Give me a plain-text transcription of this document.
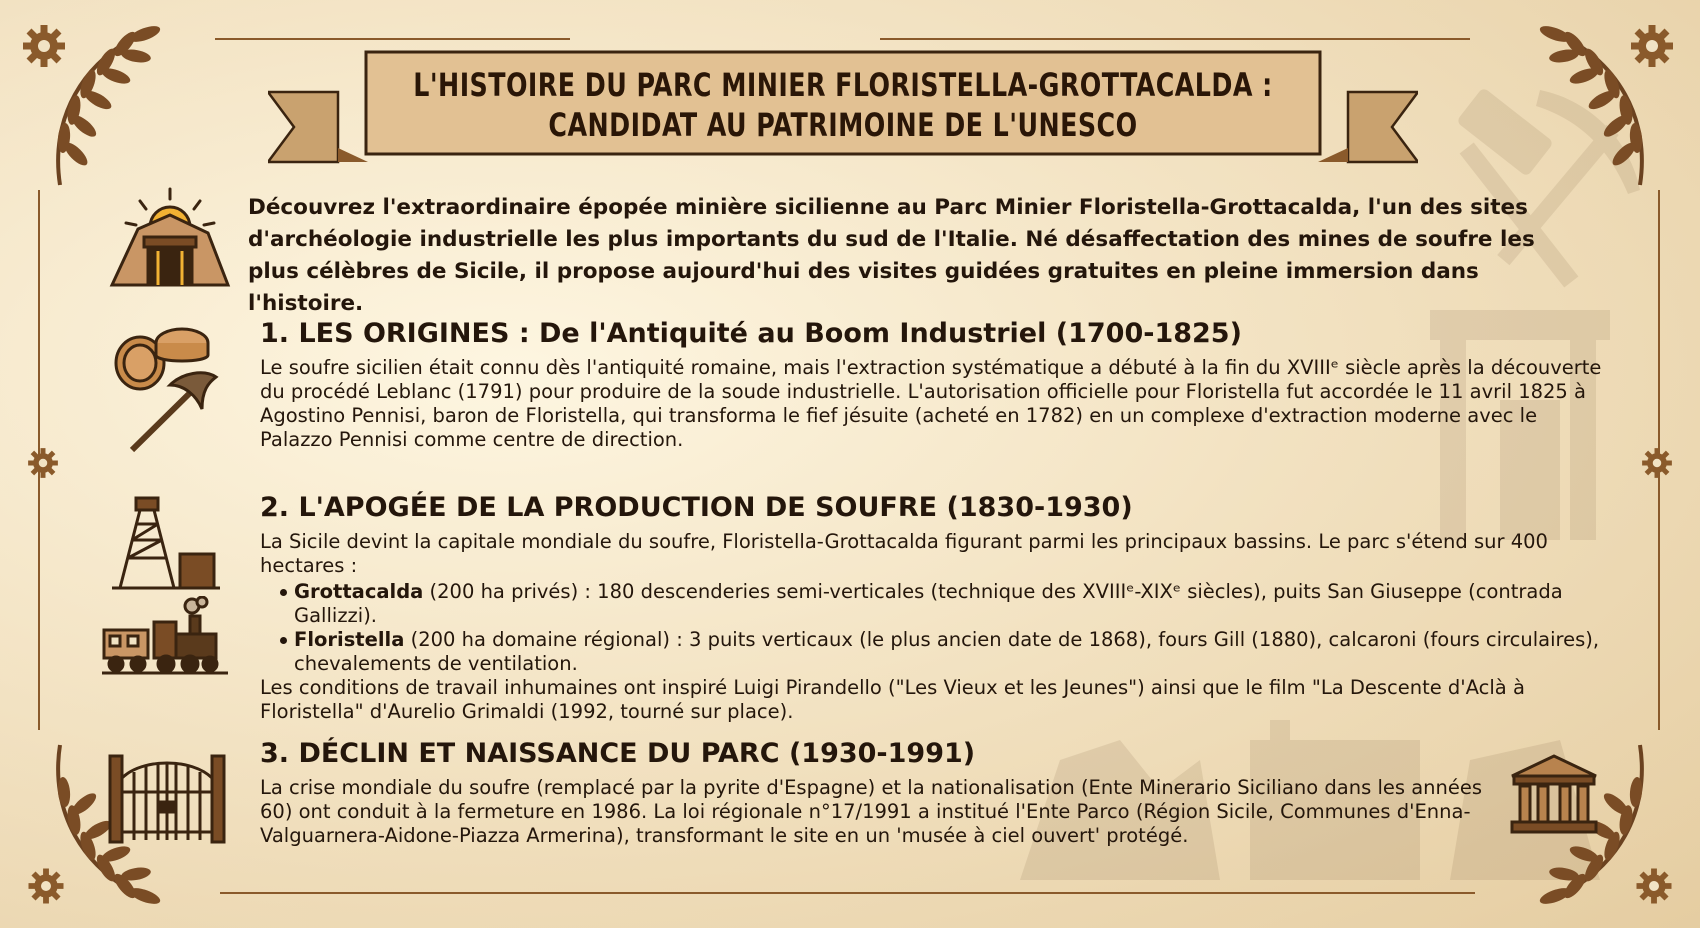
L'HISTOIRE DU PARC MINIER FLORISTELLA-GROTTACALDA :
CANDIDAT AU PATRIMOINE DE L'UNESCO
Découvrez l'extraordinaire épopée minière sicilienne au Parc Minier Floristella-Grottacalda, l'un des sites d'archéologie industrielle les plus importants du sud de l'Italie. Né désaffectation des mines de soufre les plus célèbres de Sicile, il propose aujourd'hui des visites guidées gratuites en pleine immersion dans l'histoire.
1. LES ORIGINES : De l'Antiquité au Boom Industriel (1700-1825)
Le soufre sicilien était connu dès l'antiquité romaine, mais l'extraction systématique a débuté à la fin du XVIIIᵉ siècle après la découverte du procédé Leblanc (1791) pour produire de la soude industrielle. L'autorisation officielle pour Floristella fut accordée le 11 avril 1825 à Agostino Pennisi, baron de Floristella, qui transforma le fief jésuite (acheté en 1782) en un complexe d'extraction moderne avec le Palazzo Pennisi comme centre de direction.
2. L'APOGÉE DE LA PRODUCTION DE SOUFRE (1830-1930)
La Sicile devint la capitale mondiale du soufre, Floristella-Grottacalda figurant parmi les principaux bassins. Le parc s'étend sur 400 hectares :
Grottacalda (200 ha privés) : 180 descenderies semi-verticales (technique des XVIIIᵉ-XIXᵉ siècles), puits San Giuseppe (contrada Gallizzi).
Floristella (200 ha domaine régional) : 3 puits verticaux (le plus ancien date de 1868), fours Gill (1880), calcaroni (fours circulaires), chevalements de ventilation.
Les conditions de travail inhumaines ont inspiré Luigi Pirandello ("Les Vieux et les Jeunes") ainsi que le film "La Descente d'Aclà à Floristella" d'Aurelio Grimaldi (1992, tourné sur place).
3. DÉCLIN ET NAISSANCE DU PARC (1930-1991)
La crise mondiale du soufre (remplacé par la pyrite d'Espagne) et la nationalisation (Ente Minerario Siciliano dans les années 60) ont conduit à la fermeture en 1986. La loi régionale n°17/1991 a institué l'Ente Parco (Région Sicile, Communes d'Enna-Valguarnera-Aidone-Piazza Armerina), transformant le site en un 'musée à ciel ouvert' protégé.
